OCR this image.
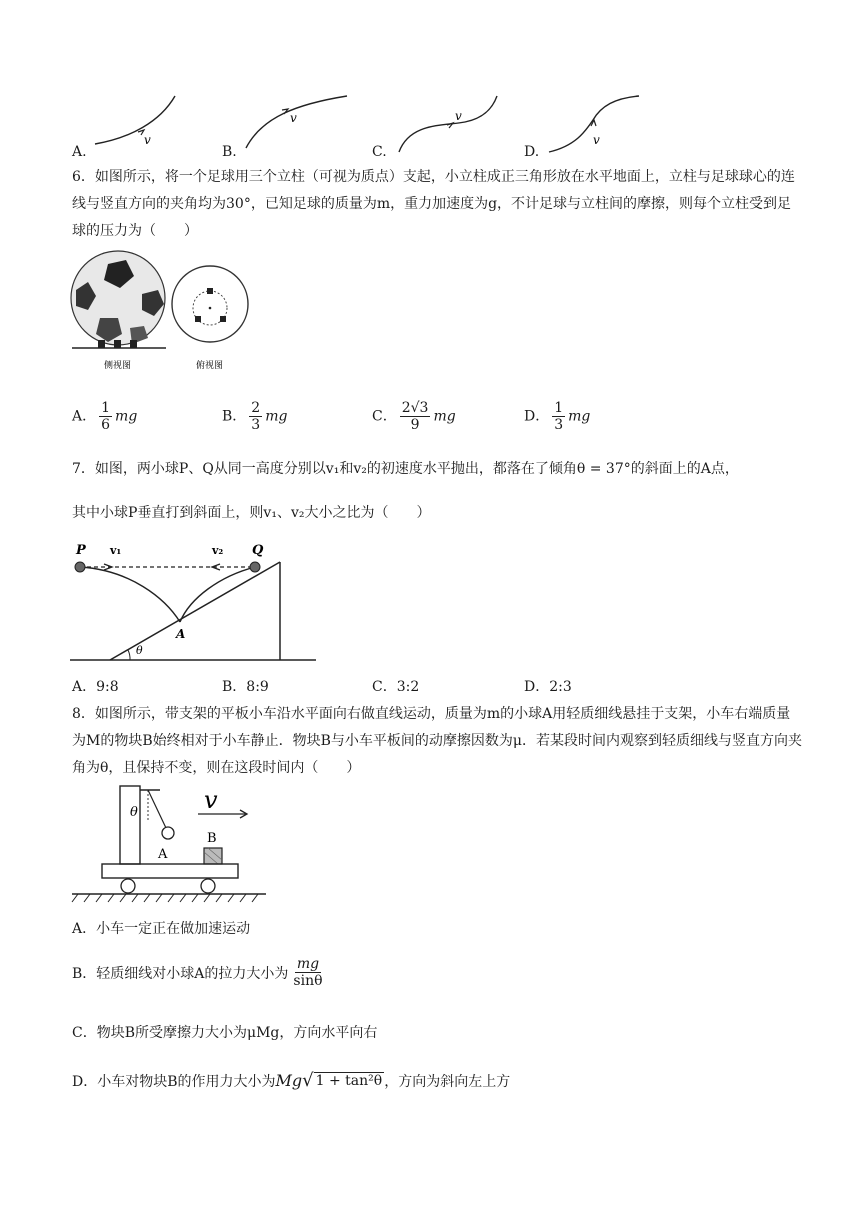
v
A.
v
B.
v
C.
v
D.
6．如图所示，将一个足球用三个立柱（可视为质点）支起，小立柱成正三角形放在水平地面上，立柱与足球球心的连线与竖直方向的夹角均为30°，已知足球的质量为m，重力加速度为g，不计足球与立柱间的摩擦，则每个立柱受到足球的压力为（　　）
侧视图	俯视图
A． $\frac{1}{6}$ mg	B． $\frac{2}{3}$ mg	C． $\frac{2√3}{9}$ mg	D． $\frac{1}{3}$ mg
7．如图，两小球P、Q从同一高度分别以v₁和v₂的初速度水平抛出，都落在了倾角θ = 37°的斜面上的A点，
其中小球P垂直打到斜面上，则v₁、v₂大小之比为（　　）
θ
P	Q
v₁	v₂
A
A．9:8	B．8:9	C．3:2	D．2:3
8．如图所示，带支架的平板小车沿水平面向右做直线运动，质量为m的小球A用轻质细线悬挂于支架，小车右端质量为M的物块B始终相对于小车静止．物块B与小车平板间的动摩擦因数为μ．若某段时间内观察到轻质细线与竖直方向夹角为θ，且保持不变，则在这段时间内（　　）
θ
A
B
v
A．小车一定正在做加速运动
B．轻质细线对小球A的拉力大小为 $\frac{mg}{\sin\theta}$
C．物块B所受摩擦力大小为μMg，方向水平向右
D．小车对物块B的作用力大小为 Mg √ 1 + tan²θ ，方向为斜向左上方
